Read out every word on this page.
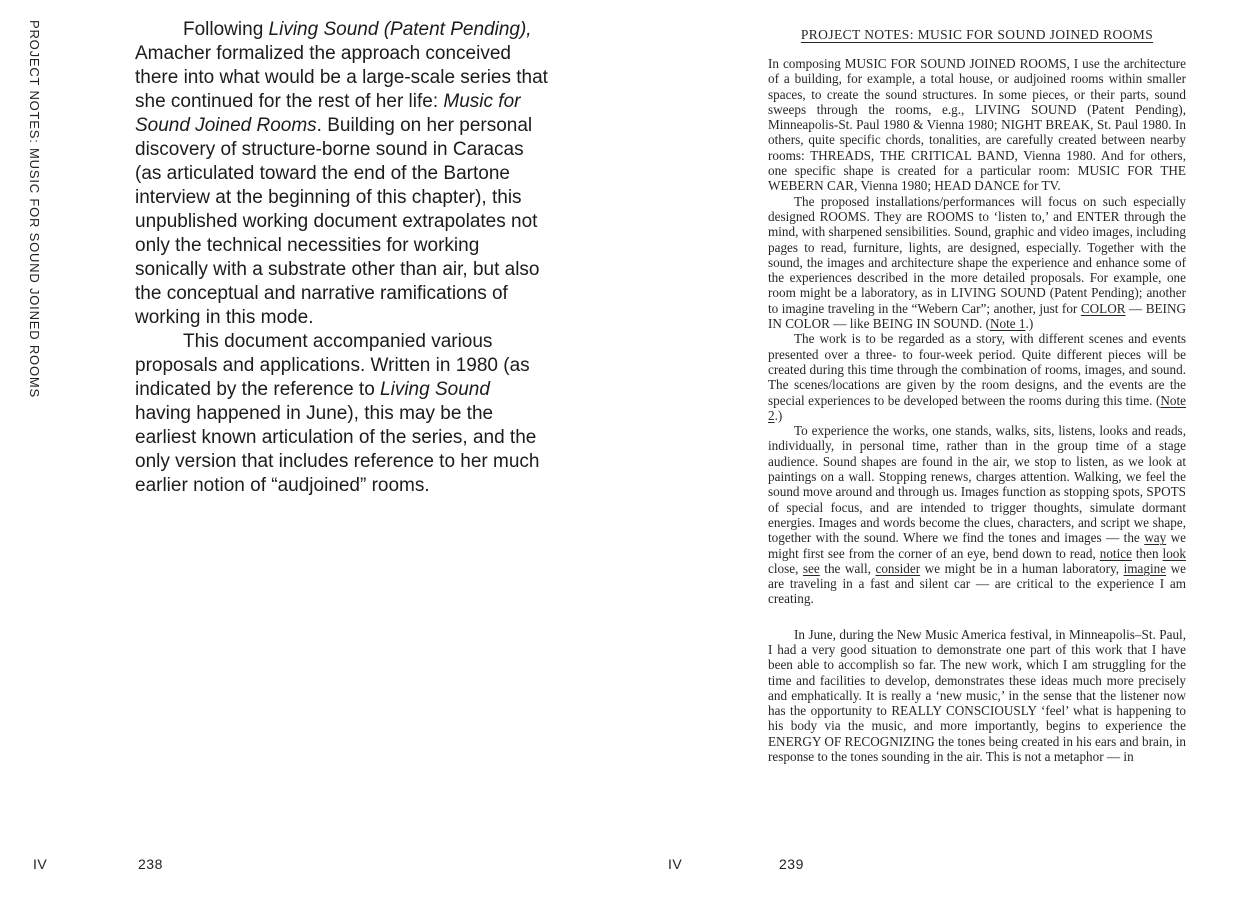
PROJECT NOTES: MUSIC FOR SOUND JOINED ROOMS	Following Living Sound (Patent Pending), Amacher formalized the approach conceived there into what would be a large-scale series that she continued for the rest of her life: Music for Sound Joined Rooms. Building on her personal discovery of structure-borne sound in Caracas (as articulated toward the end of the Bartone interview at the beginning of this chapter), this unpublished working document extrapolates not only the technical necessities for working sonically with a substrate other than air, but also the conceptual and narrative ramifications of working in this mode.

This document accompanied various proposals and applications. Written in 1980 (as indicated by the reference to Living Sound having happened in June), this may be the earliest known articulation of the series, and the only version that includes reference to her much earlier notion of “audjoined” rooms.

IV	238
PROJECT NOTES: MUSIC FOR SOUND JOINED ROOMS

In composing MUSIC FOR SOUND JOINED ROOMS, I use the architecture of a building, for example, a total house, or audjoined rooms within smaller spaces, to create the sound structures. In some pieces, or their parts, sound sweeps through the rooms, e.g., LIVING SOUND (Patent Pending), Minneapolis-St. Paul 1980 & Vienna 1980; NIGHT BREAK, St. Paul 1980. In others, quite specific chords, tonalities, are carefully created between nearby rooms: THREADS, THE CRITICAL BAND, Vienna 1980. And for others, one specific shape is created for a particular room: MUSIC FOR THE WEBERN CAR, Vienna 1980; HEAD DANCE for TV.

The proposed installations/performances will focus on such especially designed ROOMS. They are ROOMS to ‘listen to,’ and ENTER through the mind, with sharpened sensibilities. Sound, graphic and video images, including pages to read, furniture, lights, are designed, especially. Together with the sound, the images and architecture shape the experience and enhance some of the experiences described in the more detailed proposals. For example, one room might be a laboratory, as in LIVING SOUND (Patent Pending); another to imagine traveling in the “Webern Car”; another, just for COLOR — BEING IN COLOR — like BEING IN SOUND. (Note 1.)

The work is to be regarded as a story, with different scenes and events presented over a three- to four-week period. Quite different pieces will be created during this time through the combination of rooms, images, and sound. The scenes/locations are given by the room designs, and the events are the special experiences to be developed between the rooms during this time. (Note 2.)

To experience the works, one stands, walks, sits, listens, looks and reads, individually, in personal time, rather than in the group time of a stage audience. Sound shapes are found in the air, we stop to listen, as we look at paintings on a wall. Stopping renews, charges attention. Walking, we feel the sound move around and through us. Images function as stopping spots, SPOTS of special focus, and are intended to trigger thoughts, simulate dormant energies. Images and words become the clues, characters, and script we shape, together with the sound. Where we find the tones and images — the way we might first see from the corner of an eye, bend down to read, notice then look close, see the wall, consider we might be in a human laboratory, imagine we are traveling in a fast and silent car — are critical to the experience I am creating.

In June, during the New Music America festival, in Minneapolis–St. Paul, I had a very good situation to demonstrate one part of this work that I have been able to accomplish so far. The new work, which I am struggling for the time and facilities to develop, demonstrates these ideas much more precisely and emphatically. It is really a ‘new music,’ in the sense that the listener now has the opportunity to REALLY CONSCIOUSLY ‘feel’ what is happening to his body via the music, and more importantly, begins to experience the ENERGY OF RECOGNIZING the tones being created in his ears and brain, in response to the tones sounding in the air. This is not a metaphor — in

IV	239
